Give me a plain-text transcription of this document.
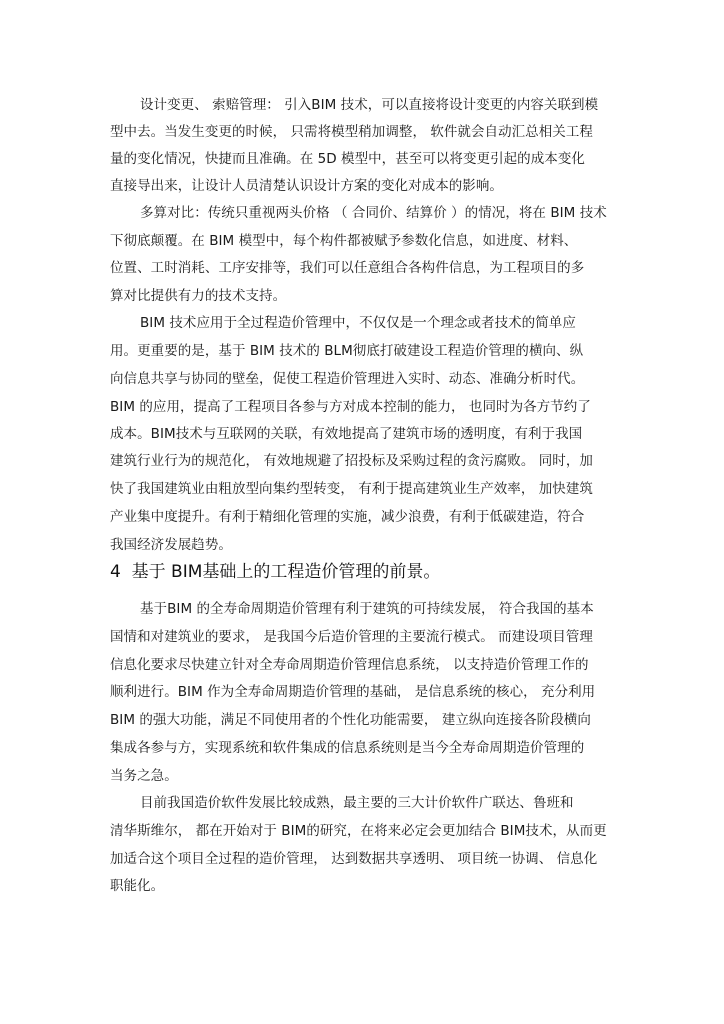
设计变更、 索赔管理： 引入BIM 技术，可以直接将设计变更的内容关联到模
型中去。当发生变更的时候， 只需将模型稍加调整， 软件就会自动汇总相关工程
量的变化情况，快捷而且准确。在 5D 模型中，甚至可以将变更引起的成本变化
直接导出来，让设计人员清楚认识设计方案的变化对成本的影响。
多算对比：传统只重视两头价格 （ 合同价、结算价 ）的情况，将在 BIM 技术
下彻底颠覆。在 BIM 模型中，每个构件都被赋予参数化信息，如进度、材料、
位置、工时消耗、工序安排等，我们可以任意组合各构件信息，为工程项目的多
算对比提供有力的技术支持。
BIM 技术应用于全过程造价管理中，不仅仅是一个理念或者技术的简单应
用。更重要的是，基于 BIM 技术的 BLM彻底打破建设工程造价管理的横向、纵
向信息共享与协同的壁垒，促使工程造价管理进入实时、动态、准确分析时代。
BIM 的应用，提高了工程项目各参与方对成本控制的能力， 也同时为各方节约了
成本。BIM技术与互联网的关联，有效地提高了建筑市场的透明度，有利于我国
建筑行业行为的规范化， 有效地规避了招投标及采购过程的贪污腐败。 同时，加
快了我国建筑业由粗放型向集约型转变， 有利于提高建筑业生产效率， 加快建筑
产业集中度提升。有利于精细化管理的实施，减少浪费，有利于低碳建造，符合
我国经济发展趋势。
4  基于 BIM基础上的工程造价管理的前景。
基于BIM 的全寿命周期造价管理有利于建筑的可持续发展， 符合我国的基本
国情和对建筑业的要求， 是我国今后造价管理的主要流行模式。 而建设项目管理
信息化要求尽快建立针对全寿命周期造价管理信息系统， 以支持造价管理工作的
顺利进行。BIM 作为全寿命周期造价管理的基础， 是信息系统的核心， 充分利用
BIM 的强大功能，满足不同使用者的个性化功能需要， 建立纵向连接各阶段横向
集成各参与方，实现系统和软件集成的信息系统则是当今全寿命周期造价管理的
当务之急。
目前我国造价软件发展比较成熟，最主要的三大计价软件广联达、鲁班和
清华斯维尔， 都在开始对于 BIM的研究，在将来必定会更加结合 BIM技术，从而更
加适合这个项目全过程的造价管理， 达到数据共享透明、 项目统一协调、 信息化
职能化。
